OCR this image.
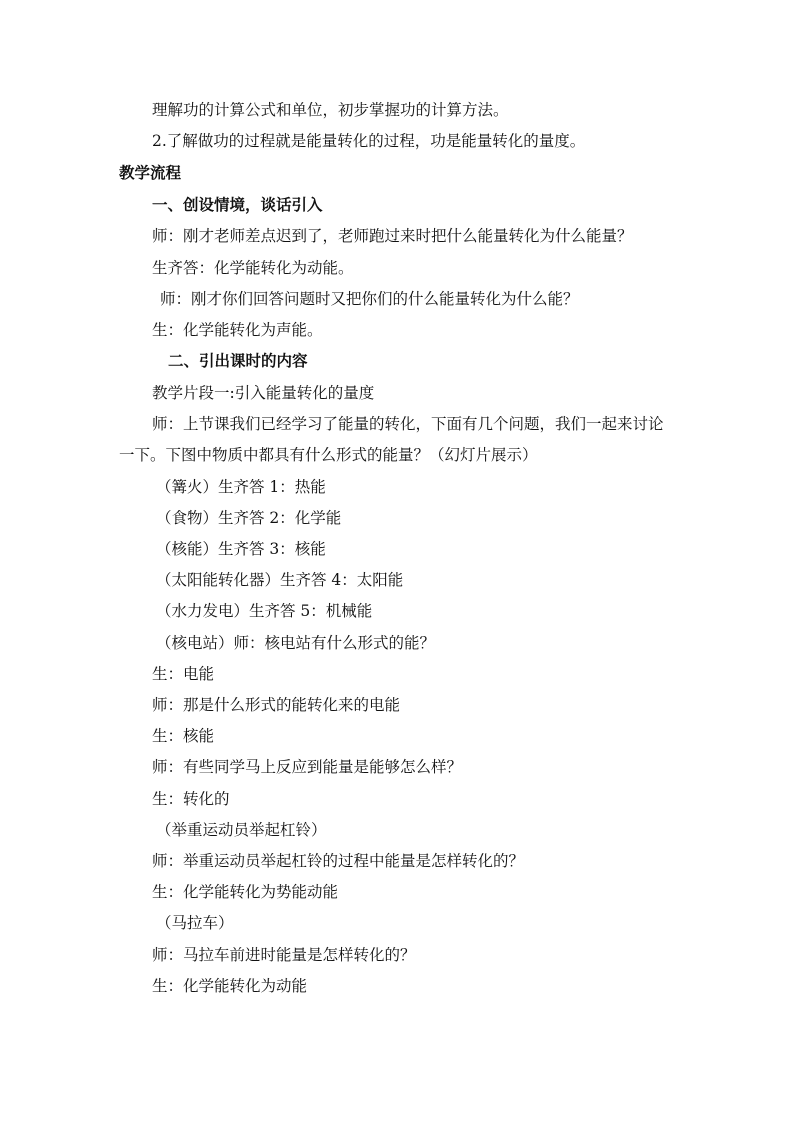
理解功的计算公式和单位，初步掌握功的计算方法。
2.了解做功的过程就是能量转化的过程，功是能量转化的量度。
教学流程
一、创设情境，谈话引入
师：刚才老师差点迟到了，老师跑过来时把什么能量转化为什么能量？
生齐答：化学能转化为动能。
师：刚才你们回答问题时又把你们的什么能量转化为什么能？
生：化学能转化为声能。
二、引出课时的内容
教学片段一:引入能量转化的量度
师：上节课我们已经学习了能量的转化，下面有几个问题，我们一起来讨论
一下。下图中物质中都具有什么形式的能量？（幻灯片展示）
（篝火）生齐答 1：热能
（食物）生齐答 2：化学能
（核能）生齐答 3：核能
（太阳能转化器）生齐答 4：太阳能
（水力发电）生齐答 5：机械能
（核电站）师：核电站有什么形式的能？
生：电能
师：那是什么形式的能转化来的电能
生：核能
师：有些同学马上反应到能量是能够怎么样？
生：转化的
（举重运动员举起杠铃）
师：举重运动员举起杠铃的过程中能量是怎样转化的？
生：化学能转化为势能动能
（马拉车）
师：马拉车前进时能量是怎样转化的？
生：化学能转化为动能
